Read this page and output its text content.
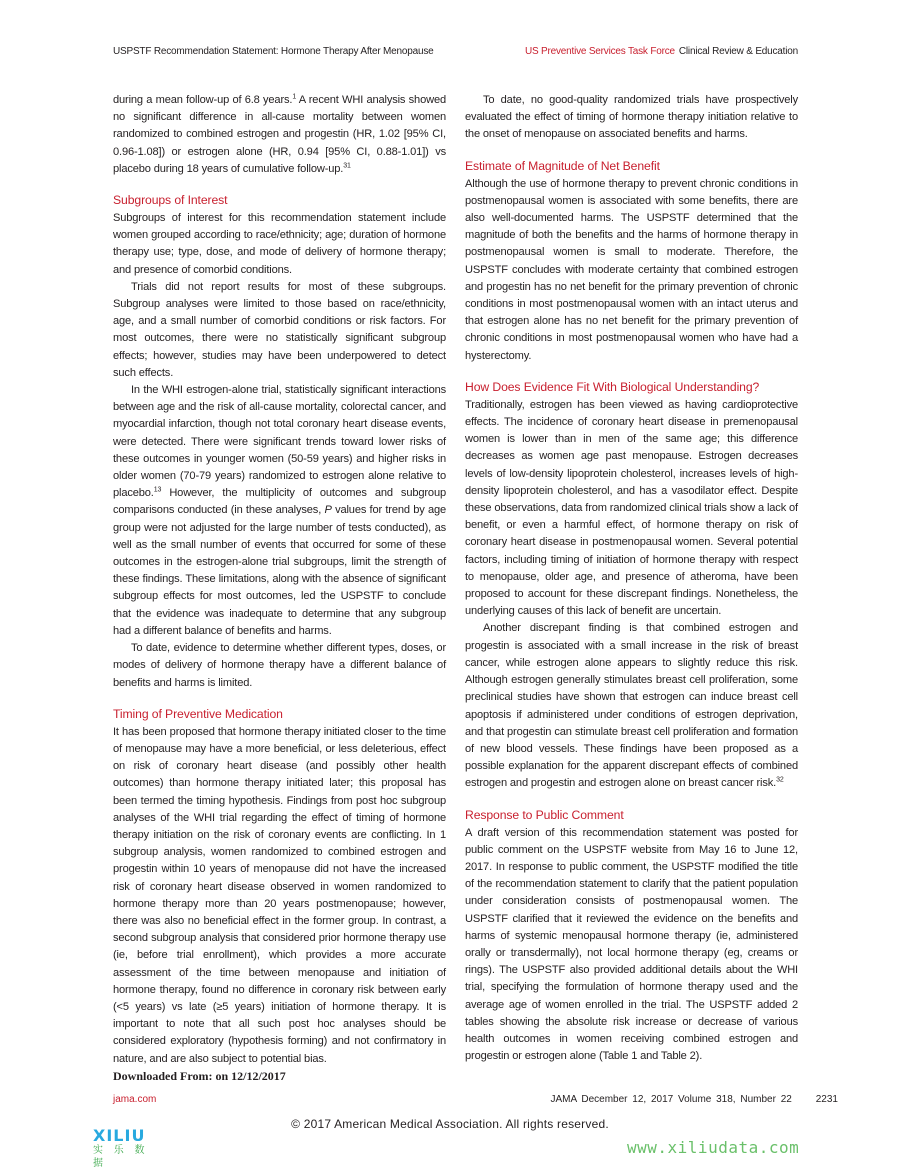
USPSTF Recommendation Statement: Hormone Therapy After Menopause	US Preventive Services Task Force Clinical Review & Education

during a mean follow-up of 6.8 years.$^1$ A recent WHI analysis showed no significant difference in all-cause mortality between women randomized to combined estrogen and progestin (HR, 1.02 [95% CI, 0.96-1.08]) or estrogen alone (HR, 0.94 [95% CI, 0.88-1.01]) vs placebo during 18 years of cumulative follow-up.$^{31}$

Subgroups of Interest

Subgroups of interest for this recommendation statement include women grouped according to race/ethnicity; age; duration of hormone therapy use; type, dose, and mode of delivery of hormone therapy; and presence of comorbid conditions.

Trials did not report results for most of these subgroups. Subgroup analyses were limited to those based on race/ethnicity, age, and a small number of comorbid conditions or risk factors. For most outcomes, there were no statistically significant subgroup effects; however, studies may have been underpowered to detect such effects.

In the WHI estrogen-alone trial, statistically significant interactions between age and the risk of all-cause mortality, colorectal cancer, and myocardial infarction, though not total coronary heart disease events, were detected. There were significant trends toward lower risks of these outcomes in younger women (50-59 years) and higher risks in older women (70-79 years) randomized to estrogen alone relative to placebo.$^{13}$ However, the multiplicity of outcomes and subgroup comparisons conducted (in these analyses, P values for trend by age group were not adjusted for the large number of tests conducted), as well as the small number of events that occurred for some of these outcomes in the estrogen-alone trial subgroups, limit the strength of these findings. These limitations, along with the absence of significant subgroup effects for most outcomes, led the USPSTF to conclude that the evidence was inadequate to determine that any subgroup had a different balance of benefits and harms.

To date, evidence to determine whether different types, doses, or modes of delivery of hormone therapy have a different balance of benefits and harms is limited.

Timing of Preventive Medication

It has been proposed that hormone therapy initiated closer to the time of menopause may have a more beneficial, or less deleterious, effect on risk of coronary heart disease (and possibly other health outcomes) than hormone therapy initiated later; this proposal has been termed the timing hypothesis. Findings from post hoc subgroup analyses of the WHI trial regarding the effect of timing of hormone therapy initiation on the risk of coronary events are conflicting. In 1 subgroup analysis, women randomized to combined estrogen and progestin within 10 years of menopause did not have the increased risk of coronary heart disease observed in women randomized to hormone therapy more than 20 years postmenopause; however, there was also no beneficial effect in the former group. In contrast, a second subgroup analysis that considered prior hormone therapy use (ie, before trial enrollment), which provides a more accurate assessment of the time between menopause and initiation of hormone therapy, found no difference in coronary risk between early (<5 years) vs late (≥5 years) initiation of hormone therapy. It is important to note that all such post hoc analyses should be considered exploratory (hypothesis forming) and not confirmatory in nature, and are also subject to potential bias.

To date, no good-quality randomized trials have prospectively evaluated the effect of timing of hormone therapy initiation relative to the onset of menopause on associated benefits and harms.

Estimate of Magnitude of Net Benefit

Although the use of hormone therapy to prevent chronic conditions in postmenopausal women is associated with some benefits, there are also well-documented harms. The USPSTF determined that the magnitude of both the benefits and the harms of hormone therapy in postmenopausal women is small to moderate. Therefore, the USPSTF concludes with moderate certainty that combined estrogen and progestin has no net benefit for the primary prevention of chronic conditions in most postmenopausal women with an intact uterus and that estrogen alone has no net benefit for the primary prevention of chronic conditions in most postmenopausal women who have had a hysterectomy.

How Does Evidence Fit With Biological Understanding?

Traditionally, estrogen has been viewed as having cardioprotective effects. The incidence of coronary heart disease in premenopausal women is lower than in men of the same age; this difference decreases as women age past menopause. Estrogen decreases levels of low-density lipoprotein cholesterol, increases levels of high-density lipoprotein cholesterol, and has a vasodilator effect. Despite these observations, data from randomized clinical trials show a lack of benefit, or even a harmful effect, of hormone therapy on risk of coronary heart disease in postmenopausal women. Several potential factors, including timing of initiation of hormone therapy with respect to menopause, older age, and presence of atheroma, have been proposed to account for these discrepant findings. Nonetheless, the underlying causes of this lack of benefit are uncertain.

Another discrepant finding is that combined estrogen and progestin is associated with a small increase in the risk of breast cancer, while estrogen alone appears to slightly reduce this risk. Although estrogen generally stimulates breast cell proliferation, some preclinical studies have shown that estrogen can induce breast cell apoptosis if administered under conditions of estrogen deprivation, and that progestin can stimulate breast cell proliferation and formation of new blood vessels. These findings have been proposed as a possible explanation for the apparent discrepant effects of combined estrogen and progestin and estrogen alone on breast cancer risk.$^{32}$

Response to Public Comment

A draft version of this recommendation statement was posted for public comment on the USPSTF website from May 16 to June 12, 2017. In response to public comment, the USPSTF modified the title of the recommendation statement to clarify that the patient population under consideration consists of postmenopausal women. The USPSTF clarified that it reviewed the evidence on the benefits and harms of systemic menopausal hormone therapy (ie, administered orally or transdermally), not local hormone therapy (eg, creams or rings). The USPSTF also provided additional details about the WHI trial, specifying the formulation of hormone therapy used and the average age of women enrolled in the trial. The USPSTF added 2 tables showing the absolute risk increase or decrease of various health outcomes in women receiving combined estrogen and progestin or estrogen alone (Table 1 and Table 2).

Downloaded From: on 12/12/2017
jama.com	JAMA December 12, 2017 Volume 318, Number 22 2231
© 2017 American Medical Association. All rights reserved.
XILIU
实 乐 数 据
www.xiliudata.com
